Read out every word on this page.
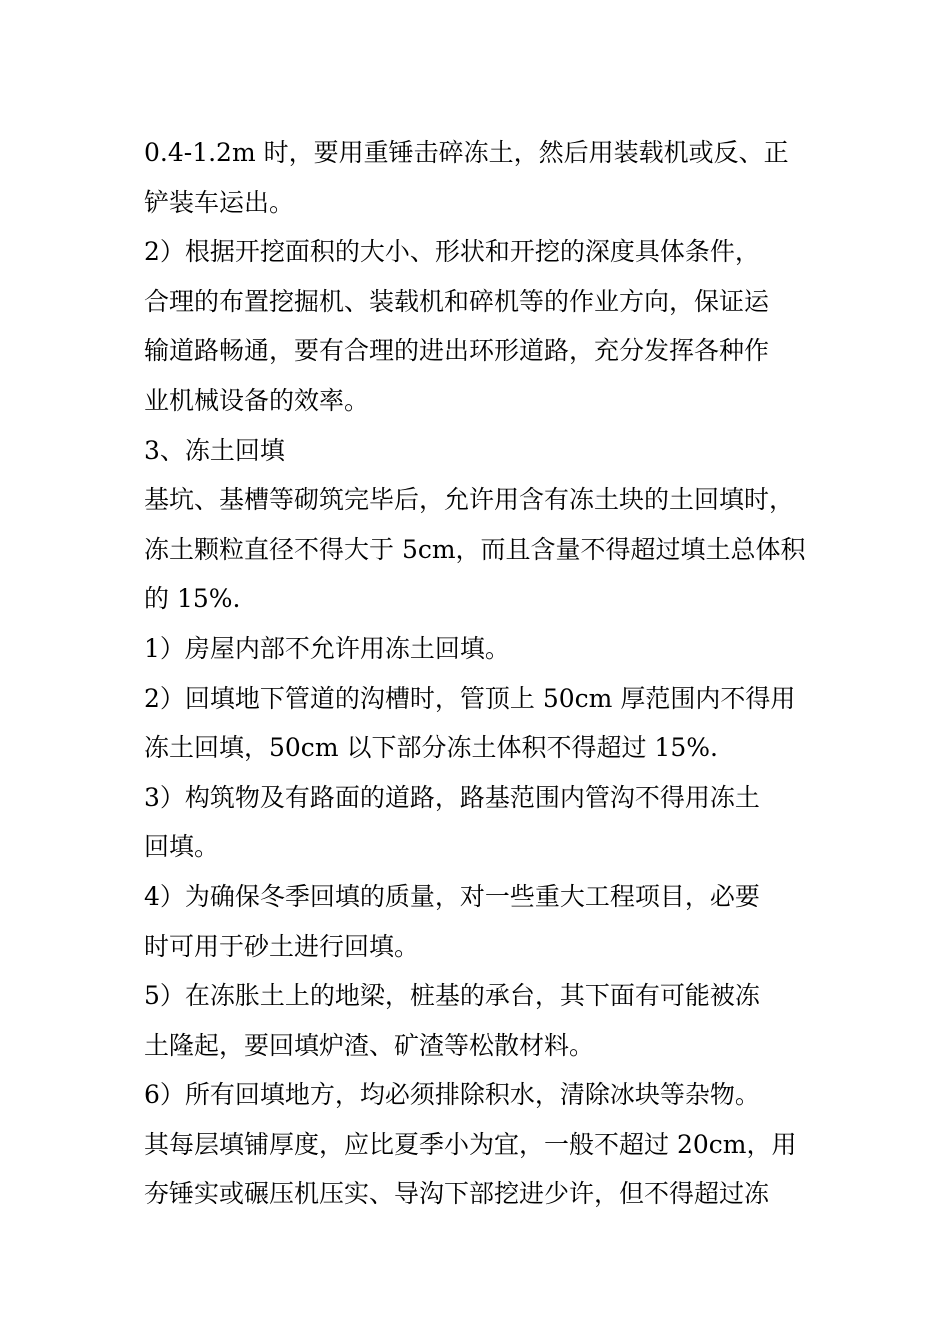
0.4-1.2m 时，要用重锤击碎冻土，然后用装载机或反、正
铲装车运出。
2）根据开挖面积的大小、形状和开挖的深度具体条件，
合理的布置挖掘机、装载机和碎机等的作业方向，保证运
输道路畅通，要有合理的进出环形道路，充分发挥各种作
业机械设备的效率。
3、冻土回填
基坑、基槽等砌筑完毕后，允许用含有冻土块的土回填时，
冻土颗粒直径不得大于 5cm，而且含量不得超过填土总体积
的 15%.
1）房屋内部不允许用冻土回填。
2）回填地下管道的沟槽时，管顶上 50cm 厚范围内不得用
冻土回填，50cm 以下部分冻土体积不得超过 15%.
3）构筑物及有路面的道路，路基范围内管沟不得用冻土
回填。
4）为确保冬季回填的质量，对一些重大工程项目，必要
时可用于砂土进行回填。
5）在冻胀土上的地梁，桩基的承台，其下面有可能被冻
土隆起，要回填炉渣、矿渣等松散材料。
6）所有回填地方，均必须排除积水，清除冰块等杂物。
其每层填铺厚度，应比夏季小为宜，一般不超过 20cm，用
夯锤实或碾压机压实、导沟下部挖进少许，但不得超过冻
